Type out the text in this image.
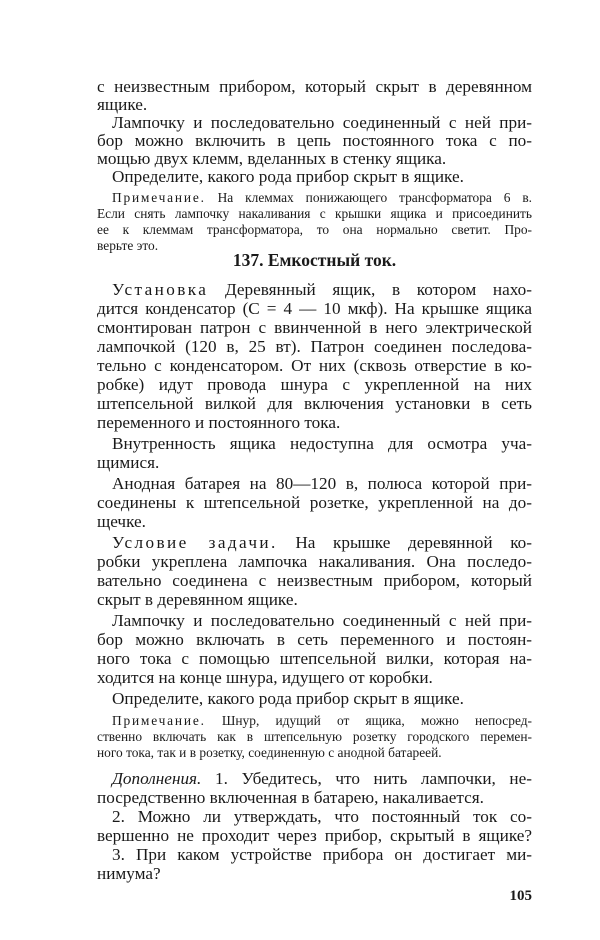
с неизвестным прибором, который скрыт в деревянном
ящике.
Лампочку и последовательно соединенный с ней при-
бор можно включить в цепь постоянного тока с по-
мощью двух клемм, вделанных в стенку ящика.
Определите, какого рода прибор скрыт в ящике.
Примечание. На клеммах понижающего трансформатора 6 в.
Если снять лампочку накаливания с крышки ящика и присоединить
ее к клеммам трансформатора, то она нормально светит. Про-
верьте это.
137. Емкостный ток.
Установка Деревянный ящик, в котором нахо-
дится конденсатор (С = 4 — 10 мкф). На крышке ящика
смонтирован патрон с ввинченной в него электрической
лампочкой (120 в, 25 вт). Патрон соединен последова-
тельно с конденсатором. От них (сквозь отверстие в ко-
робке) идут провода шнура с укрепленной на них
штепсельной вилкой для включения установки в сеть
переменного и постоянного тока.
Внутренность ящика недоступна для осмотра уча-
щимися.
Анодная батарея на 80—120 в, полюса которой при-
соединены к штепсельной розетке, укрепленной на до-
щечке.
Условие задачи. На крышке деревянной ко-
робки укреплена лампочка накаливания. Она последо-
вательно соединена с неизвестным прибором, который
скрыт в деревянном ящике.
Лампочку и последовательно соединенный с ней при-
бор можно включать в сеть переменного и постоян-
ного тока с помощью штепсельной вилки, которая на-
ходится на конце шнура, идущего от коробки.
Определите, какого рода прибор скрыт в ящике.
Примечание. Шнур, идущий от ящика, можно непосред-
ственно включать как в штепсельную розетку городского перемен-
ного тока, так и в розетку, соединенную с анодной батареей.
Дополнения. 1. Убедитесь, что нить лампочки, не-
посредственно включенная в батарею, накаливается.
2. Можно ли утверждать, что постоянный ток со-
вершенно не проходит через прибор, скрытый в ящике?
3. При каком устройстве прибора он достигает ми-
нимума?
105
